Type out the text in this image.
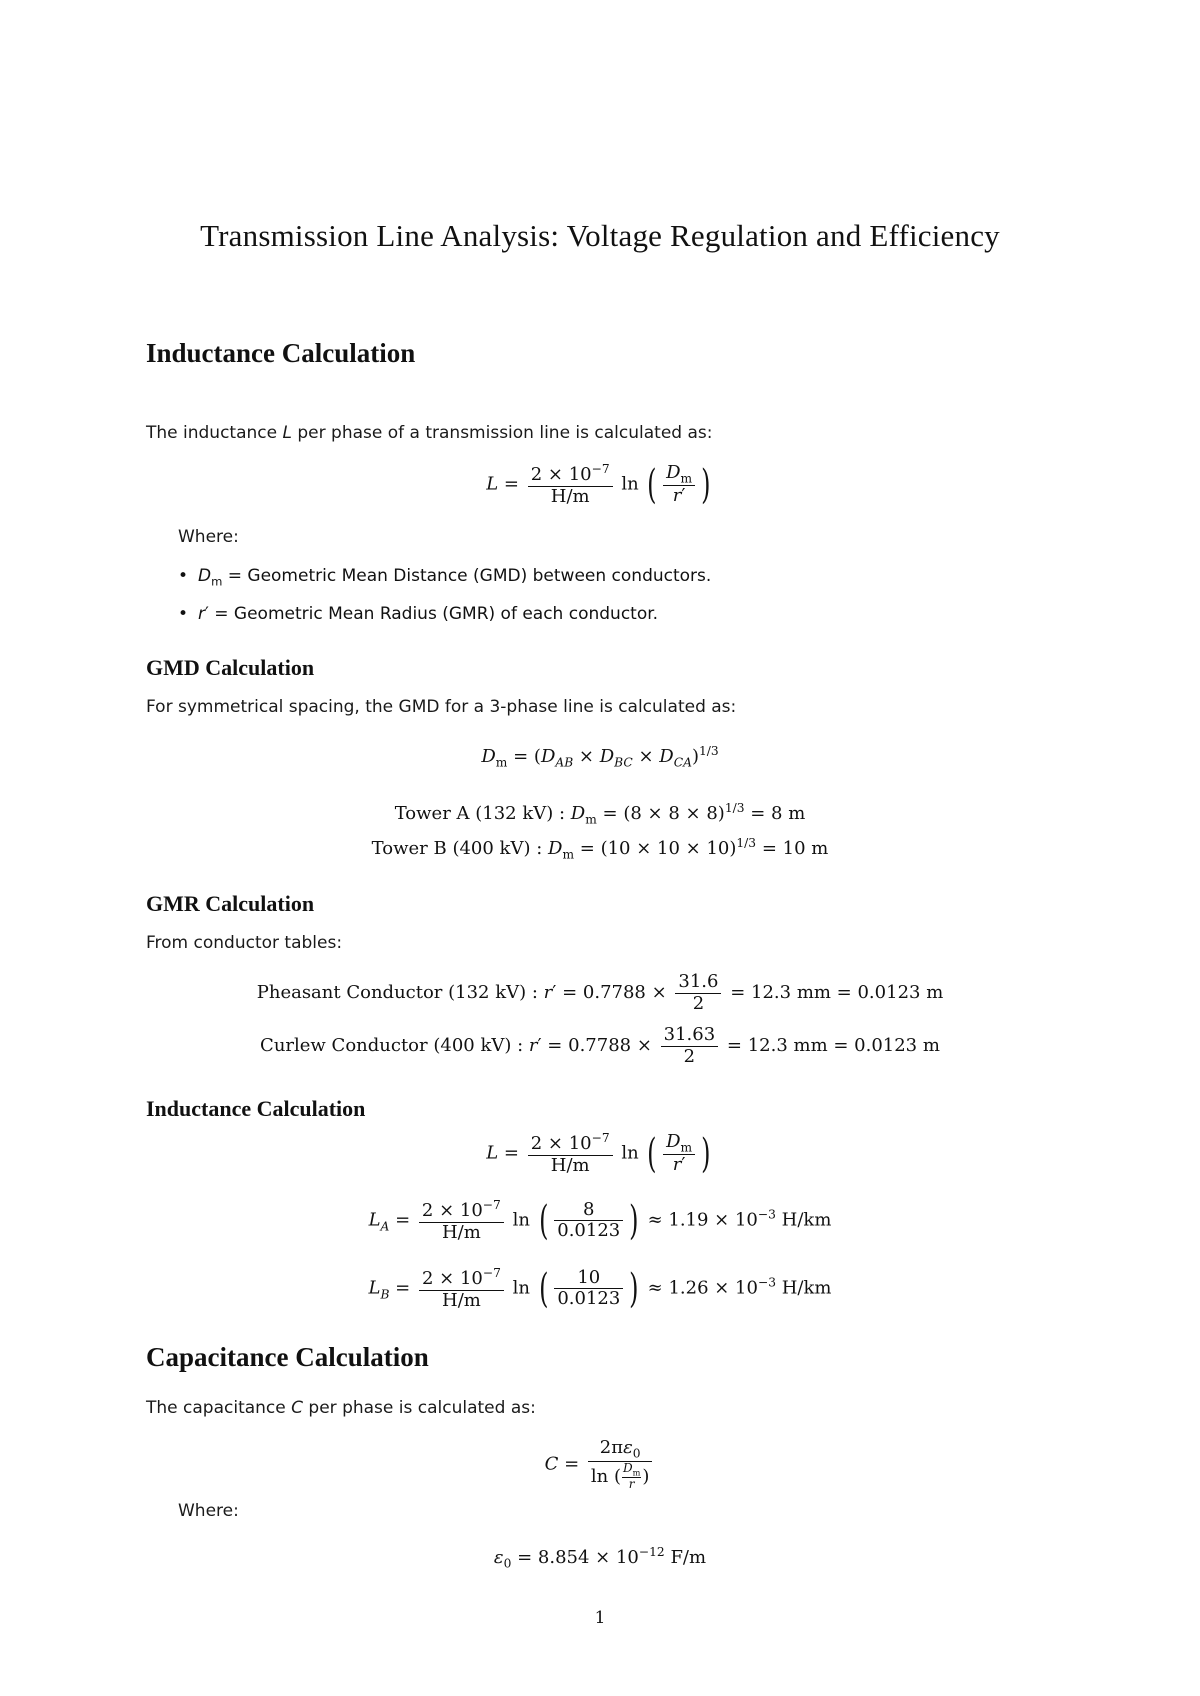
Transmission Line Analysis: Voltage Regulation and Efficiency
Inductance Calculation
The inductance L per phase of a transmission line is calculated as:
$L = \frac{2 \times 10^{-7}}{H/m}$ ln ( $\frac{D_m}{r'}$ )
Where:
• $D_m$ = Geometric Mean Distance (GMD) between conductors.
• r′ = Geometric Mean Radius (GMR) of each conductor.
GMD Calculation
For symmetrical spacing, the GMD for a 3-phase line is calculated as:
$D_m = (D_{AB} \times D_{BC} \times D_{CA})^{1/3}$
Tower A (132 kV) : $D_m = (8 \times 8 \times 8)^{1/3} = 8$ m
Tower B (400 kV) : $D_m = (10 \times 10 \times 10)^{1/3} = 10$ m
GMR Calculation
From conductor tables:
Pheasant Conductor (132 kV) : $r' = 0.7788 \times \frac{31.6}{2} = 12.3$ mm = 0.0123 m
Curlew Conductor (400 kV) : $r' = 0.7788 \times \frac{31.63}{2} = 12.3$ mm = 0.0123 m
Inductance Calculation
$L = \frac{2 \times 10^{-7}}{H/m}$ ln ( $\frac{D_m}{r'}$ )
$L_A = \frac{2 \times 10^{-7}}{H/m}$ ln ( $\frac{8}{0.0123}$ ) ≈ $1.19 \times 10^{-3}$ H/km
$L_B = \frac{2 \times 10^{-7}}{H/m}$ ln ( $\frac{10}{0.0123}$ ) ≈ $1.26 \times 10^{-3}$ H/km
Capacitance Calculation
The capacitance C per phase is calculated as:
$C = \frac{2\pi\varepsilon_0}{\ln ( \frac{D_m}{r} )}$
Where:
$\varepsilon_0 = 8.854 \times 10^{-12}$ F/m
1
